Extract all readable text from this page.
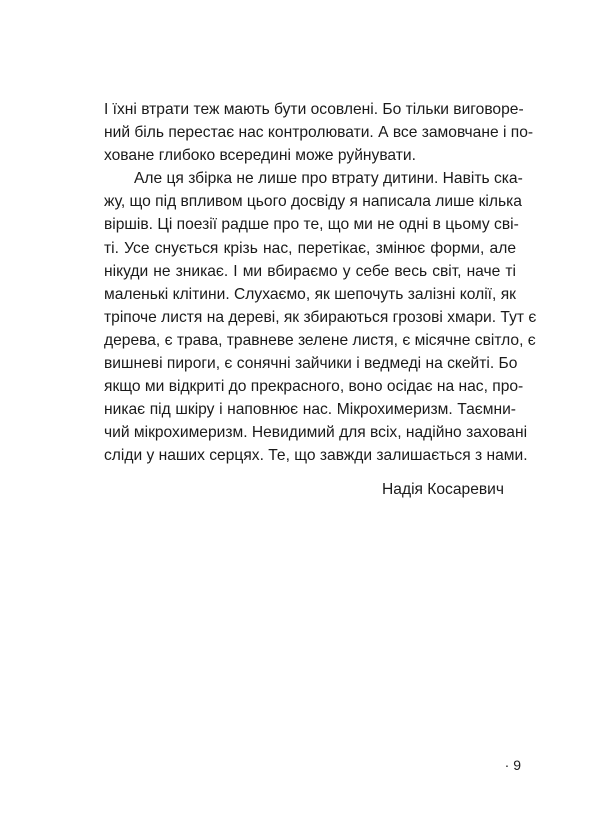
І їхні втрати теж мають бути осовлені. Бо тільки виговоре-
ний біль перестає нас контролювати. А все замовчане і по-
ховане глибоко всередині може руйнувати.
Але ця збірка не лише про втрату дитини. Навіть ска-
жу, що під впливом цього досвіду я написала лише кілька
віршів. Ці поезії радше про те, що ми не одні в цьому сві-
ті. Усе снується крізь нас, перетікає, змінює форми, але
нікуди не зникає. І ми вбираємо у себе весь світ, наче ті
маленькі клітини. Слухаємо, як шепочуть залізні колії, як
тріпоче листя на дереві, як збираються грозові хмари. Тут є
дерева, є трава, травневе зелене листя, є місячне світло, є
вишневі пироги, є сонячні зайчики і ведмеді на скейті. Бо
якщо ми відкриті до прекрасного, воно осідає на нас, про-
никає під шкіру і наповнює нас. Мікрохимеризм. Таємни-
чий мікрохимеризм. Невидимий для всіх, надійно заховані
сліди у наших серцях. Те, що завжди залишається з нами.
Надія Косаревич
· 9
